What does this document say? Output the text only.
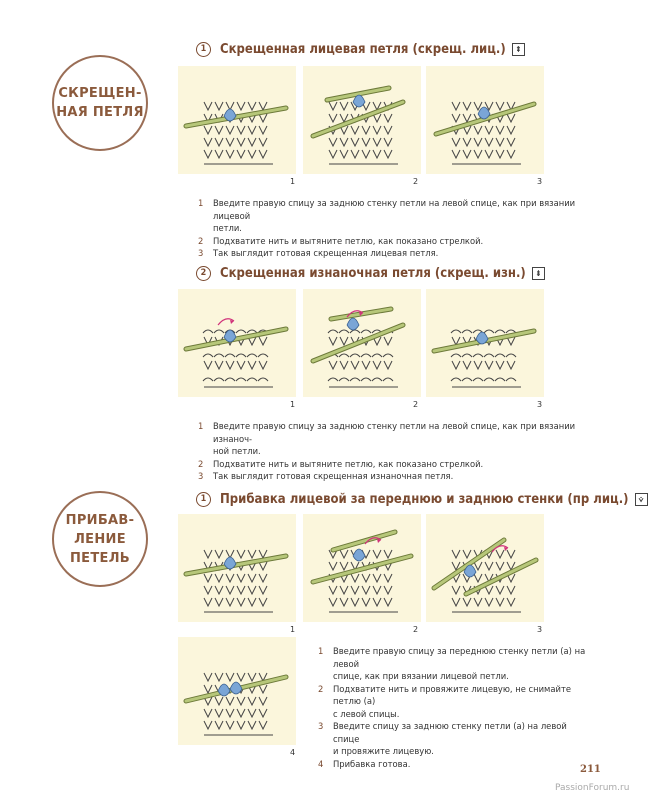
СКРЕЩЕН-
НАЯ ПЕТЛЯ
ПРИБАВ-
ЛЕНИЕ
ПЕТЕЛЬ
1	Скрещенная лицевая петля (скрещ. лиц.)	⇞
1	2	3
1	Введите правую спицу за заднюю стенку петли на левой спице, как при вязании лицевой
петли.
2	Подхватите нить и вытяните петлю, как показано стрелкой.
3	Так выглядит готовая скрещенная лицевая петля.
2	Скрещенная изнаночная петля (скрещ. изн.)	⇟
1	2	3
1	Введите правую спицу за заднюю стенку петли на левой спице, как при вязании изнаноч-
ной петли.
2	Подхватите нить и вытяните петлю, как показано стрелкой.
3	Так выглядит готовая скрещенная изнаночная петля.
1	Прибавка лицевой за переднюю и заднюю стенки (пр лиц.)	⩒
1	2	3
4
1	Введите правую спицу за переднюю стенку петли (а) на левой
спице, как при вязании лицевой петли.
2	Подхватите нить и провяжите лицевую, не снимайте петлю (а)
с левой спицы.
3	Введите спицу за заднюю стенку петли (а) на левой спице
и провяжите лицевую.
4	Прибавка готова.
211
PassionForum.ru
